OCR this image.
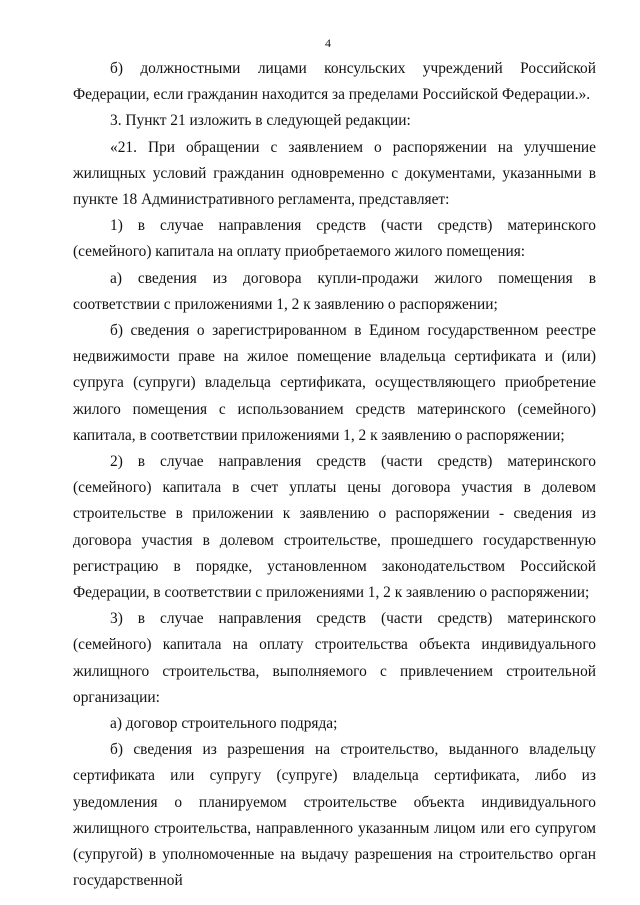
4

б) должностными лицами консульских учреждений Российской Федерации, если гражданин находится за пределами Российской Федерации.».

3. Пункт 21 изложить в следующей редакции:

«21. При обращении с заявлением о распоряжении на улучшение жилищных условий гражданин одновременно с документами, указанными в пункте 18 Административного регламента, представляет:

1) в случае направления средств (части средств) материнского (семейного) капитала на оплату приобретаемого жилого помещения:

а) сведения из договора купли-продажи жилого помещения в соответствии с приложениями 1, 2 к заявлению о распоряжении;

б) сведения о зарегистрированном в Едином государственном реестре недвижимости праве на жилое помещение владельца сертификата и (или) супруга (супруги) владельца сертификата, осуществляющего приобретение жилого помещения с использованием средств материнского (семейного) капитала, в соответствии приложениями 1, 2 к заявлению о распоряжении;

2) в случае направления средств (части средств) материнского (семейного) капитала в счет уплаты цены договора участия в долевом строительстве в приложении к заявлению о распоряжении - сведения из договора участия в долевом строительстве, прошедшего государственную регистрацию в порядке, установленном законодательством Российской Федерации, в соответствии с приложениями 1, 2 к заявлению о распоряжении;

3) в случае направления средств (части средств) материнского (семейного) капитала на оплату строительства объекта индивидуального жилищного строительства, выполняемого с привлечением строительной организации:

а) договор строительного подряда;

б) сведения из разрешения на строительство, выданного владельцу сертификата или супругу (супруге) владельца сертификата, либо из уведомления о планируемом строительстве объекта индивидуального жилищного строительства, направленного указанным лицом или его супругом (супругой) в уполномоченные на выдачу разрешения на строительство орган государственной
